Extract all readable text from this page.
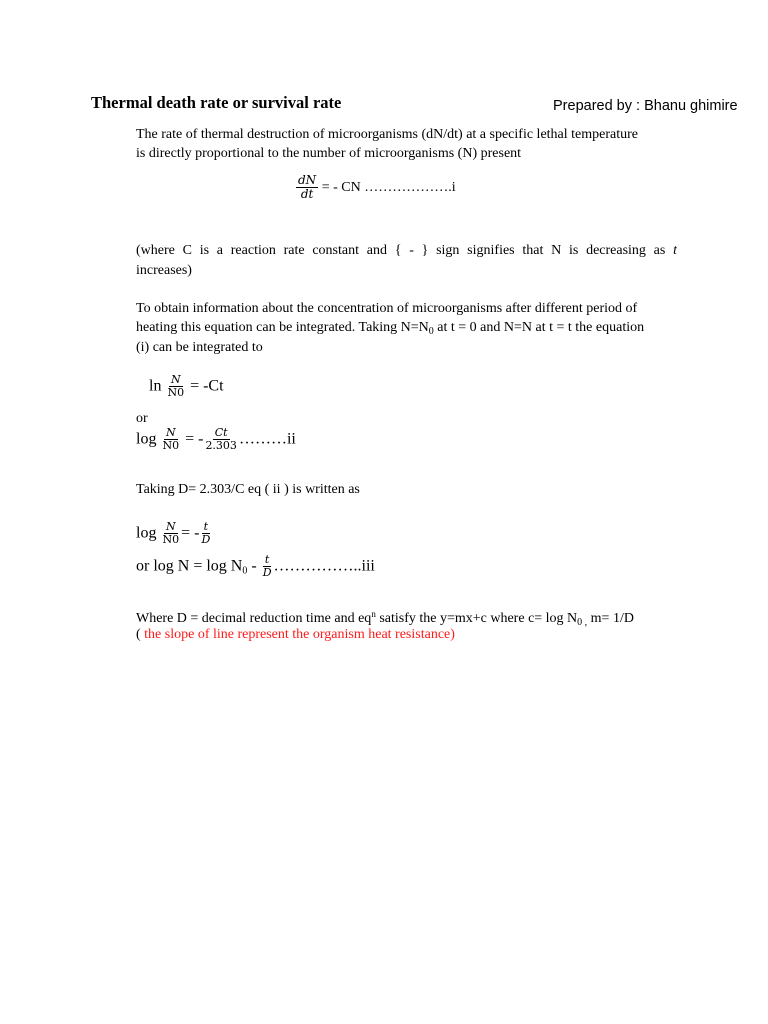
Thermal death rate or survival rate	Prepared by : Bhanu ghimire
The rate of thermal destruction of microorganisms (dN/dt) at a specific lethal temperature
is directly proportional to the number of microorganisms (N) present
$\frac{dN}{dt}$ = - CN ……………….i
(where C is a reaction rate constant and { - } sign signifies that N is decreasing as t
increases)
To obtain information about the concentration of microorganisms after different period of
heating this equation can be integrated. Taking $N=N_0$ at t = 0 and N=N at t = t the equation
(i) can be integrated to
$\ln \frac{N}{N0} = -Ct$
or
$\log \frac{N}{N0}$ = - $\frac{Ct}{2.303}$ ………ii
Taking D= 2.303/C eq ( ii ) is written as
$\log \frac{N}{N0}$ = - $\frac{t}{D}$
or $\log N = \log N_0 - \frac{t}{D}$ ……………..iii
Where D = decimal reduction time and $eq^n$ satisfy the y=mx+c where $c= \log N_{0 ,}$ m= 1/D
( the slope of line represent the organism heat resistance)
